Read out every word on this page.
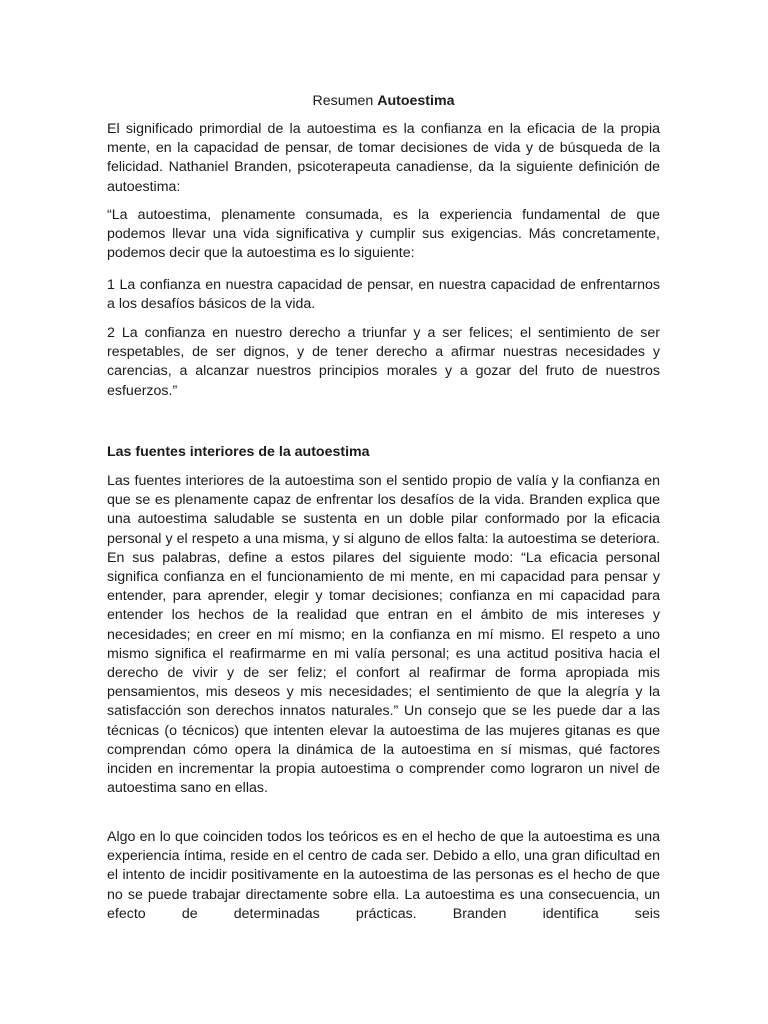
Resumen Autoestima

El significado primordial de la autoestima es la confianza en la eficacia de la propia mente, en la capacidad de pensar, de tomar decisiones de vida y de búsqueda de la felicidad. Nathaniel Branden, psicoterapeuta canadiense, da la siguiente definición de autoestima:

“La autoestima, plenamente consumada, es la experiencia fundamental de que podemos llevar una vida significativa y cumplir sus exigencias. Más concretamente, podemos decir que la autoestima es lo siguiente:

1 La confianza en nuestra capacidad de pensar, en nuestra capacidad de enfrentarnos a los desafíos básicos de la vida.

2 La confianza en nuestro derecho a triunfar y a ser felices; el sentimiento de ser respetables, de ser dignos, y de tener derecho a afirmar nuestras necesidades y carencias, a alcanzar nuestros principios morales y a gozar del fruto de nuestros esfuerzos.”

Las fuentes interiores de la autoestima

Las fuentes interiores de la autoestima son el sentido propio de valía y la confianza en que se es plenamente capaz de enfrentar los desafíos de la vida. Branden explica que una autoestima saludable se sustenta en un doble pilar conformado por la eficacia personal y el respeto a una misma, y si alguno de ellos falta: la autoestima se deteriora. En sus palabras, define a estos pilares del siguiente modo: “La eficacia personal significa confianza en el funcionamiento de mi mente, en mi capacidad para pensar y entender, para aprender, elegir y tomar decisiones; confianza en mi capacidad para entender los hechos de la realidad que entran en el ámbito de mis intereses y necesidades; en creer en mí mismo; en la confianza en mí mismo. El respeto a uno mismo significa el reafirmarme en mi valía personal; es una actitud positiva hacia el derecho de vivir y de ser feliz; el confort al reafirmar de forma apropiada mis pensamientos, mis deseos y mis necesidades; el sentimiento de que la alegría y la satisfacción son derechos innatos naturales.” Un consejo que se les puede dar a las técnicas (o técnicos) que intenten elevar la autoestima de las mujeres gitanas es que comprendan cómo opera la dinámica de la autoestima en sí mismas, qué factores inciden en incrementar la propia autoestima o comprender como lograron un nivel de autoestima sano en ellas.

Algo en lo que coinciden todos los teóricos es en el hecho de que la autoestima es una experiencia íntima, reside en el centro de cada ser. Debido a ello, una gran dificultad en el intento de incidir positivamente en la autoestima de las personas es el hecho de que no se puede trabajar directamente sobre ella. La autoestima es una consecuencia, un efecto de determinadas prácticas. Branden identifica seis
